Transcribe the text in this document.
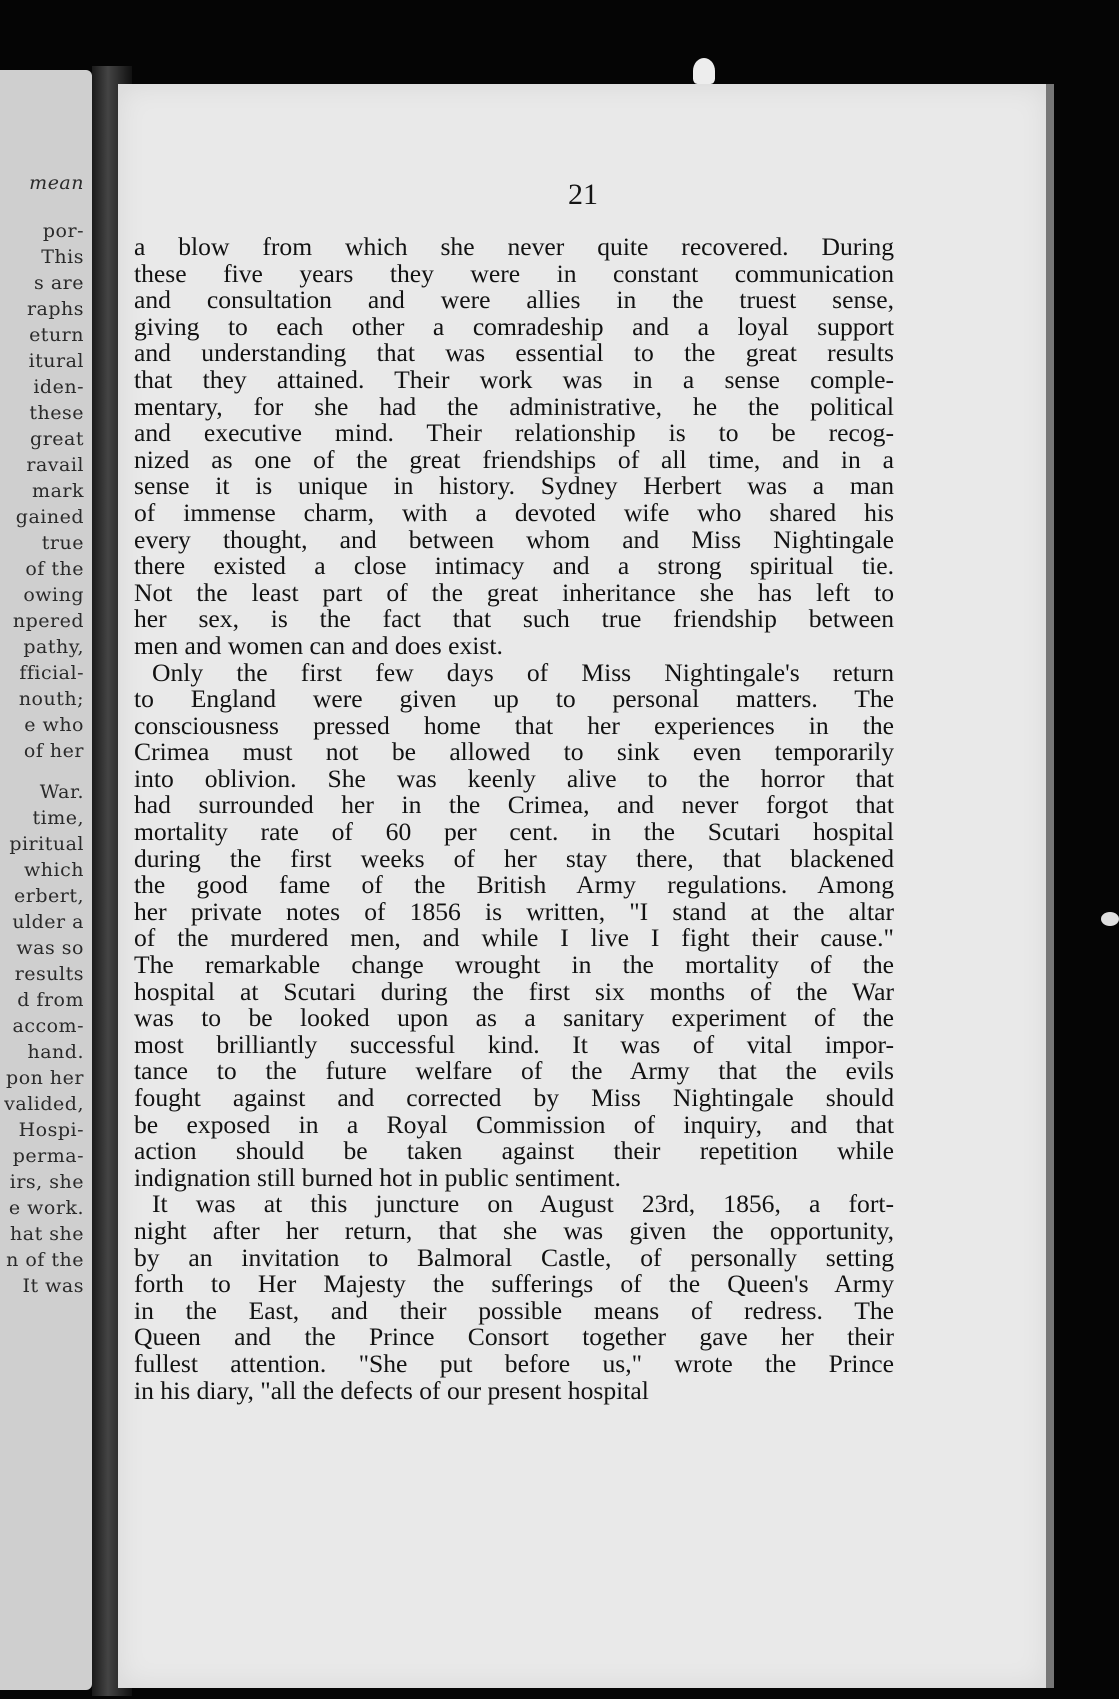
mean
por-
This
s are
raphs
eturn
itural
iden-
these
great
ravail
mark
gained
true
of the
owing
npered
pathy,
fficial-
nouth;
e who
of her
War.
time,
piritual
which
erbert,
ulder a
was so
results
d from
accom-
hand.
pon her
valided,
Hospi-
perma-
irs, she
e work.
hat she
n of the
It was
21
a blow from which she never quite recovered. During
these five years they were in constant communication
and consultation and were allies in the truest sense,
giving to each other a comradeship and a loyal support
and understanding that was essential to the great results
that they attained. Their work was in a sense comple-
mentary, for she had the administrative, he the political
and executive mind. Their relationship is to be recog-
nized as one of the great friendships of all time, and in a
sense it is unique in history. Sydney Herbert was a man
of immense charm, with a devoted wife who shared his
every thought, and between whom and Miss Nightingale
there existed a close intimacy and a strong spiritual tie.
Not the least part of the great inheritance she has left to
her sex, is the fact that such true friendship between
men and women can and does exist.
Only the first few days of Miss Nightingale's return
to England were given up to personal matters. The
consciousness pressed home that her experiences in the
Crimea must not be allowed to sink even temporarily
into oblivion. She was keenly alive to the horror that
had surrounded her in the Crimea, and never forgot that
mortality rate of 60 per cent. in the Scutari hospital
during the first weeks of her stay there, that blackened
the good fame of the British Army regulations. Among
her private notes of 1856 is written, "I stand at the altar
of the murdered men, and while I live I fight their cause."
The remarkable change wrought in the mortality of the
hospital at Scutari during the first six months of the War
was to be looked upon as a sanitary experiment of the
most brilliantly successful kind. It was of vital impor-
tance to the future welfare of the Army that the evils
fought against and corrected by Miss Nightingale should
be exposed in a Royal Commission of inquiry, and that
action should be taken against their repetition while
indignation still burned hot in public sentiment.
It was at this juncture on August 23rd, 1856, a fort-
night after her return, that she was given the opportunity,
by an invitation to Balmoral Castle, of personally setting
forth to Her Majesty the sufferings of the Queen's Army
in the East, and their possible means of redress. The
Queen and the Prince Consort together gave her their
fullest attention. "She put before us," wrote the Prince
in his diary, "all the defects of our present hospital
